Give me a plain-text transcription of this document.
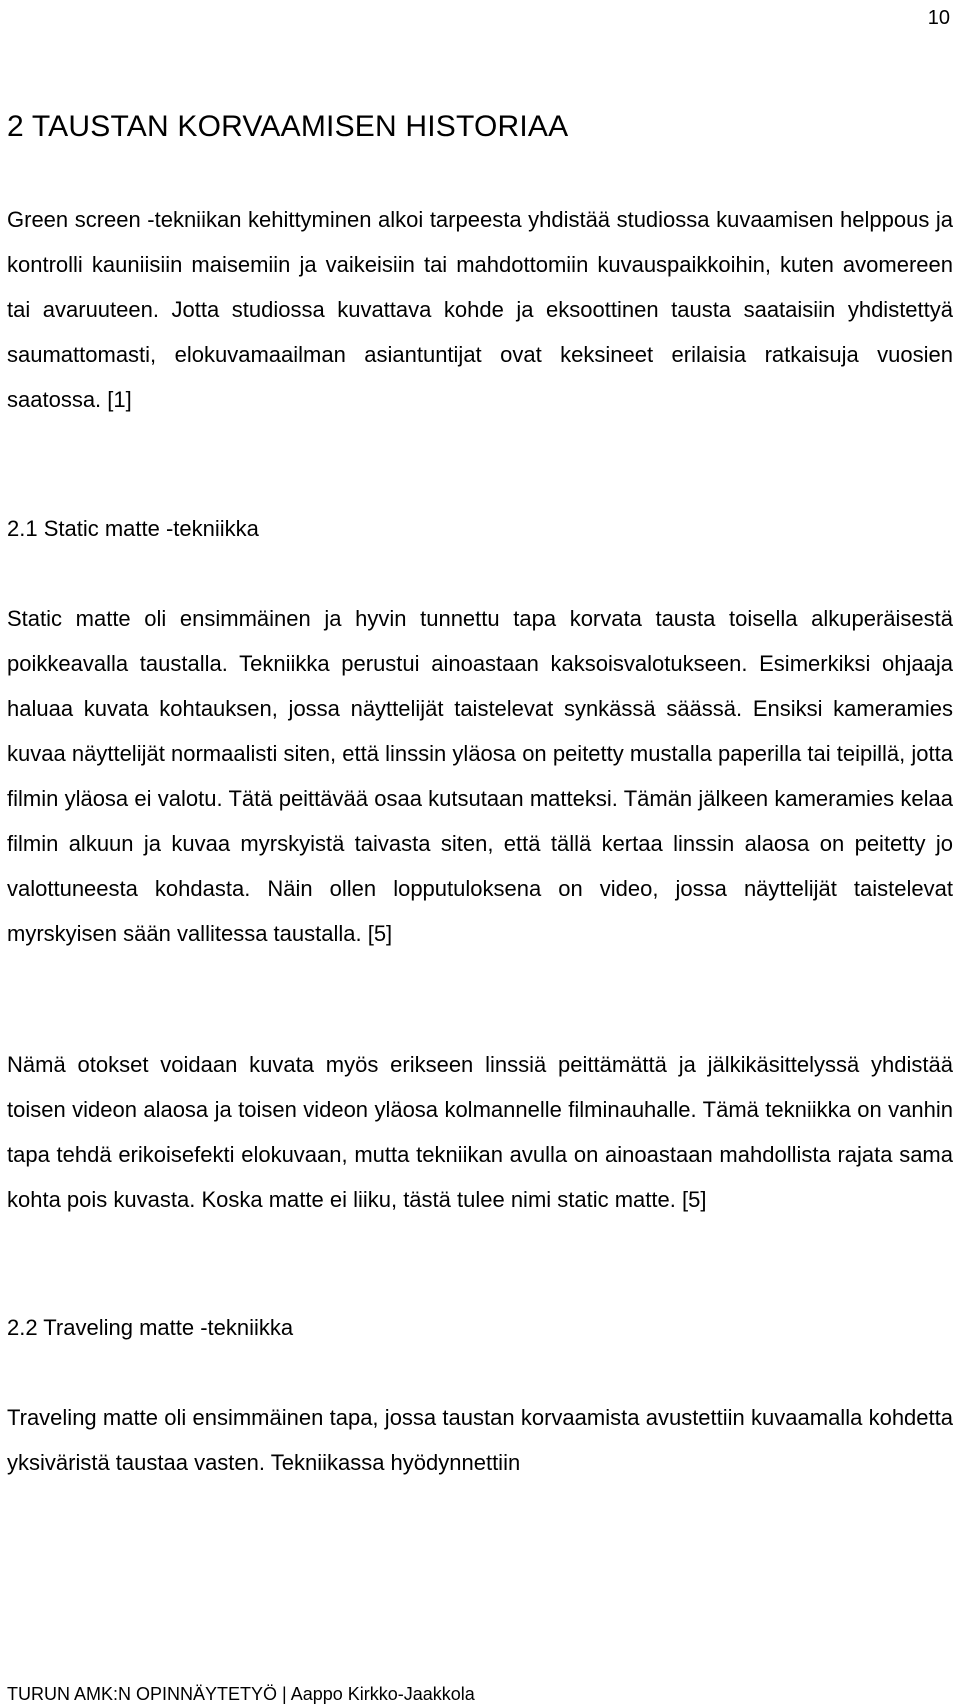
10
2 TAUSTAN KORVAAMISEN HISTORIAA

Green screen -tekniikan kehittyminen alkoi tarpeesta yhdistää studiossa kuvaamisen helppous ja kontrolli kauniisiin maisemiin ja vaikeisiin tai mahdottomiin kuvauspaikkoihin, kuten avomereen tai avaruuteen. Jotta studiossa kuvattava kohde ja eksoottinen tausta saataisiin yhdistettyä saumattomasti, elokuvamaailman asiantuntijat ovat keksineet erilaisia ratkaisuja vuosien saatossa. [1]

2.1 Static matte -tekniikka

Static matte oli ensimmäinen ja hyvin tunnettu tapa korvata tausta toisella alkuperäisestä poikkeavalla taustalla. Tekniikka perustui ainoastaan kaksoisvalotukseen. Esimerkiksi ohjaaja haluaa kuvata kohtauksen, jossa näyttelijät taistelevat synkässä säässä. Ensiksi kameramies kuvaa näyttelijät normaalisti siten, että linssin yläosa on peitetty mustalla paperilla tai teipillä, jotta filmin yläosa ei valotu. Tätä peittävää osaa kutsutaan matteksi. Tämän jälkeen kameramies kelaa filmin alkuun ja kuvaa myrskyistä taivasta siten, että tällä kertaa linssin alaosa on peitetty jo valottuneesta kohdasta. Näin ollen lopputuloksena on video, jossa näyttelijät taistelevat myrskyisen sään vallitessa taustalla. [5]

Nämä otokset voidaan kuvata myös erikseen linssiä peittämättä ja jälkikäsittelyssä yhdistää toisen videon alaosa ja toisen videon yläosa kolmannelle filminauhalle. Tämä tekniikka on vanhin tapa tehdä erikoisefekti elokuvaan, mutta tekniikan avulla on ainoastaan mahdollista rajata sama kohta pois kuvasta. Koska matte ei liiku, tästä tulee nimi static matte. [5]

2.2 Traveling matte -tekniikka

Traveling matte oli ensimmäinen tapa, jossa taustan korvaamista avustettiin kuvaamalla kohdetta yksiväristä taustaa vasten. Tekniikassa hyödynnettiin

TURUN AMK:N OPINNÄYTETYÖ | Aappo Kirkko-Jaakkola
